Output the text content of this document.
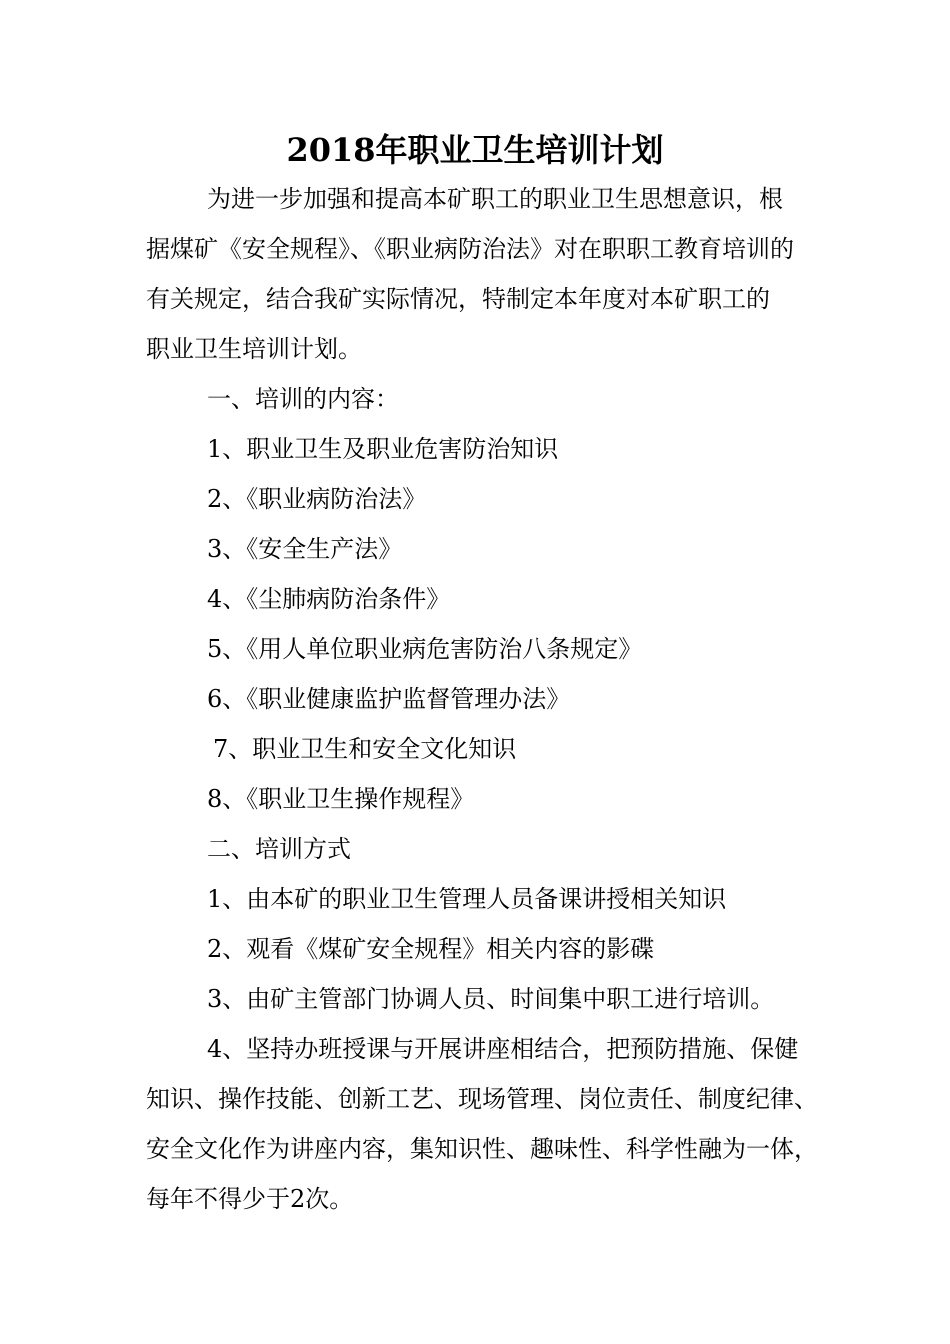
2018年职业卫生培训计划
为进一步加强和提高本矿职工的职业卫生思想意识，根
据煤矿《安全规程》、《职业病防治法》对在职职工教育培训的
有关规定，结合我矿实际情况，特制定本年度对本矿职工的
职业卫生培训计划。
一、培训的内容：
1、职业卫生及职业危害防治知识
2、《职业病防治法》
3、《安全生产法》
4、《尘肺病防治条件》
5、《用人单位职业病危害防治八条规定》
6、《职业健康监护监督管理办法》
7、职业卫生和安全文化知识
8、《职业卫生操作规程》
二、培训方式
1、由本矿的职业卫生管理人员备课讲授相关知识
2、观看《煤矿安全规程》相关内容的影碟
3、由矿主管部门协调人员、时间集中职工进行培训。
4、坚持办班授课与开展讲座相结合，把预防措施、保健
知识、操作技能、创新工艺、现场管理、岗位责任、制度纪律、
安全文化作为讲座内容，集知识性、趣味性、科学性融为一体，
每年不得少于2次。
